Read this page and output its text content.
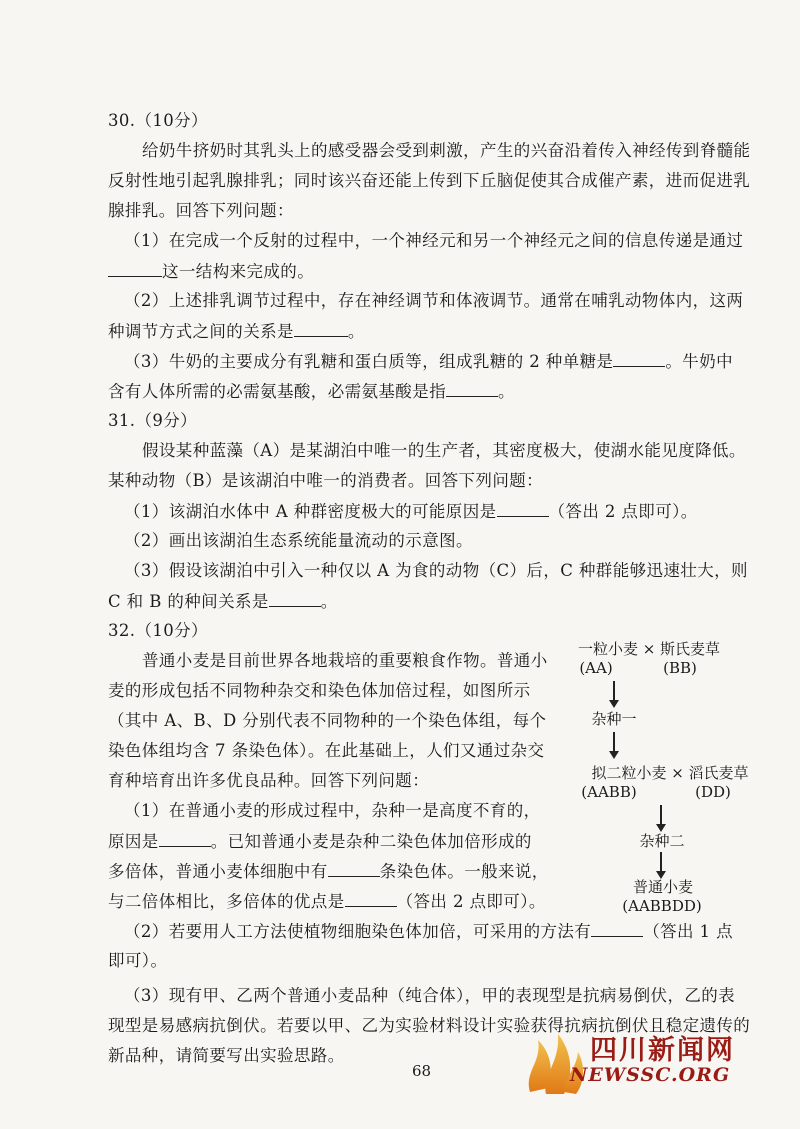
30.（10分）
给奶牛挤奶时其乳头上的感受器会受到刺激，产生的兴奋沿着传入神经传到脊髓能
反射性地引起乳腺排乳；同时该兴奋还能上传到下丘脑促使其合成催产素，进而促进乳
腺排乳。回答下列问题：
（1）在完成一个反射的过程中，一个神经元和另一个神经元之间的信息传递是通过
这一结构来完成的。
（2）上述排乳调节过程中，存在神经调节和体液调节。通常在哺乳动物体内，这两
种调节方式之间的关系是	。
（3）牛奶的主要成分有乳糖和蛋白质等，组成乳糖的 2 种单糖是	。牛奶中
含有人体所需的必需氨基酸，必需氨基酸是指	。
31.（9分）
假设某种蓝藻（A）是某湖泊中唯一的生产者，其密度极大，使湖水能见度降低。
某种动物（B）是该湖泊中唯一的消费者。回答下列问题：
（1）该湖泊水体中 A 种群密度极大的可能原因是	（答出 2 点即可）。
（2）画出该湖泊生态系统能量流动的示意图。
（3）假设该湖泊中引入一种仅以 A 为食的动物（C）后，C 种群能够迅速壮大，则
C 和 B 的种间关系是	。
32.（10分）
普通小麦是目前世界各地栽培的重要粮食作物。普通小
麦的形成包括不同物种杂交和染色体加倍过程，如图所示
（其中 A、B、D 分别代表不同物种的一个染色体组，每个
染色体组均含 7 条染色体）。在此基础上，人们又通过杂交
育种培育出许多优良品种。回答下列问题：
（1）在普通小麦的形成过程中，杂种一是高度不育的，
原因是	。已知普通小麦是杂种二染色体加倍形成的
多倍体，普通小麦体细胞中有	条染色体。一般来说，
与二倍体相比，多倍体的优点是	（答出 2 点即可）。
（2）若要用人工方法使植物细胞染色体加倍，可采用的方法有	（答出 1 点
即可）。
（3）现有甲、乙两个普通小麦品种（纯合体），甲的表现型是抗病易倒伏，乙的表
现型是易感病抗倒伏。若要以甲、乙为实验材料设计实验获得抗病抗倒伏且稳定遗传的
新品种，请简要写出实验思路。
一粒小麦 × 斯氏麦草
(AA)	(BB)
杂种一
拟二粒小麦 × 滔氏麦草
(AABB)	(DD)
杂种二
普通小麦
(AABBDD)
68
四川新闻网
NEWSSC.ORG
